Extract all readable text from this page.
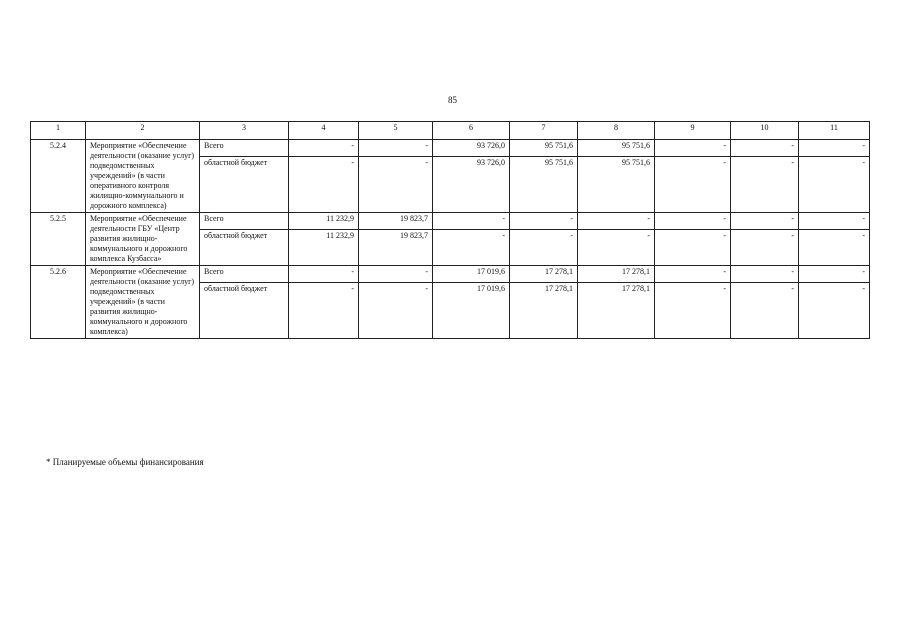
85
1	2	3	4	5	6	7	8	9	10	11
5.2.4	Мероприятие «Обеспечение деятельности (оказание услуг) подведомственных учреждений» (в части оперативного контроля жилищно-коммунального и дорожного комплекса)	Всего	-	-	93 726,0	95 751,6	95 751,6	-	-	-
		областной бюджет	-	-	93 726,0	95 751,6	95 751,6	-	-	-
5.2.5	Мероприятие «Обеспечение деятельности ГБУ «Центр развития жилищно-коммунального и дорожного комплекса Кузбасса»	Всего	11 232,9	19 823,7	-	-	-	-	-	-
		областной бюджет	11 232,9	19 823,7	-	-	-	-	-	-
5.2.6	Мероприятие «Обеспечение деятельности (оказание услуг) подведомственных учреждений» (в части развития жилищно-коммунального и дорожного комплекса)	Всего	-	-	17 019,6	17 278,1	17 278,1	-	-	-
		областной бюджет	-	-	17 019,6	17 278,1	17 278,1	-	-	-
* Планируемые объемы финансирования
